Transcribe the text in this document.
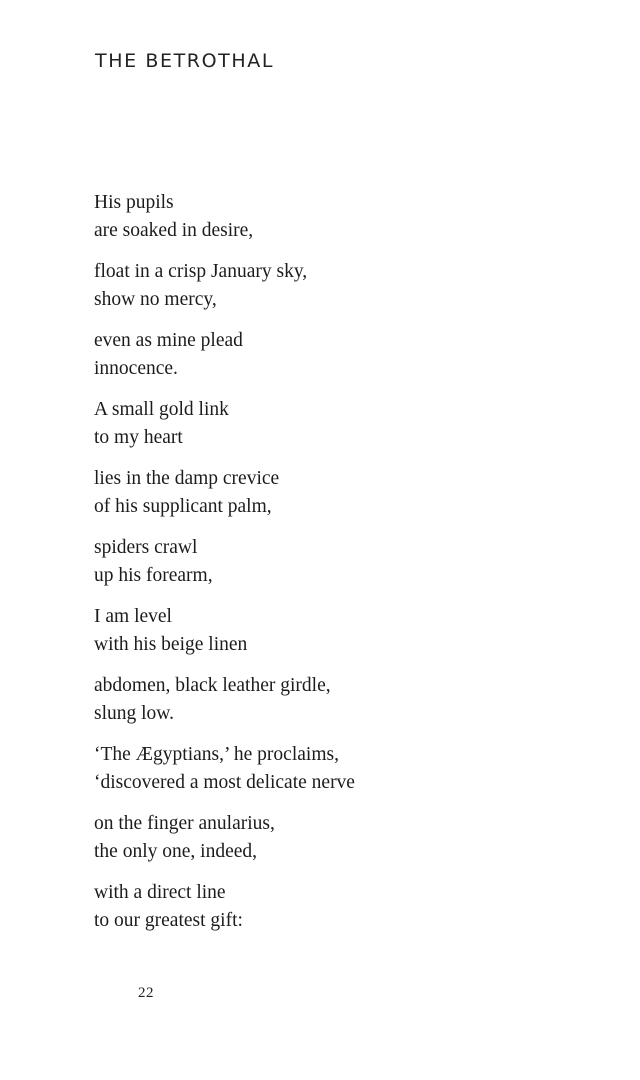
THE BETROTHAL

His pupils
are soaked in desire,

float in a crisp January sky,
show no mercy,

even as mine plead
innocence.

A small gold link
to my heart

lies in the damp crevice
of his supplicant palm,

spiders crawl
up his forearm,

I am level
with his beige linen

abdomen, black leather girdle,
slung low.

‘The Ægyptians,’ he proclaims,
‘discovered a most delicate nerve

on the finger anularius,
the only one, indeed,

with a direct line
to our greatest gift:

22
